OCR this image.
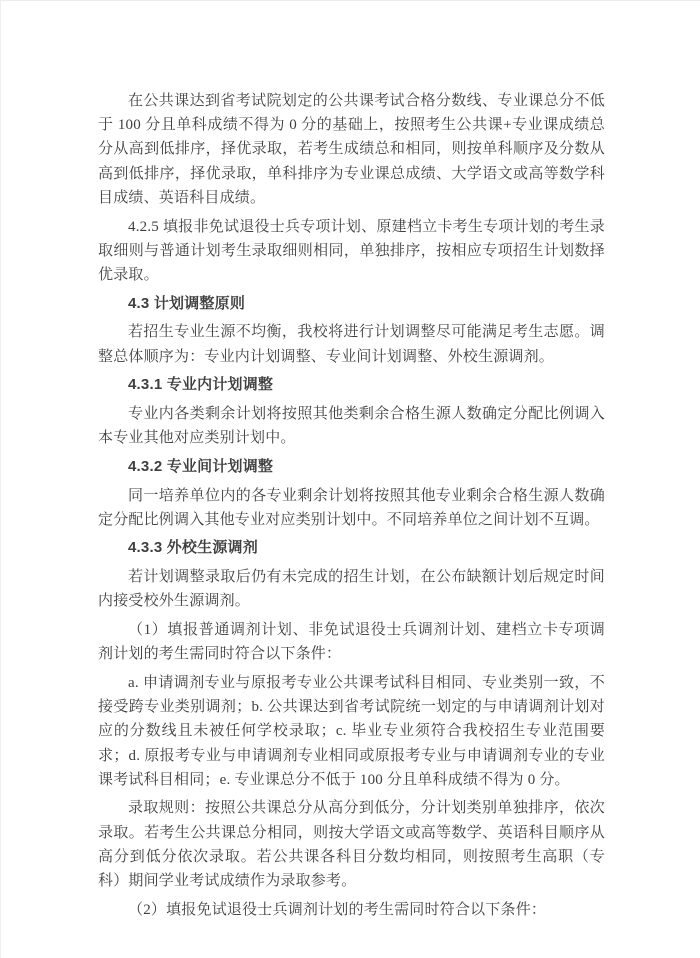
在公共课达到省考试院划定的公共课考试合格分数线、专业课总分不低于 100 分且单科成绩不得为 0 分的基础上，按照考生公共课+专业课成绩总分从高到低排序，择优录取，若考生成绩总和相同，则按单科顺序及分数从高到低排序，择优录取，单科排序为专业课总成绩、大学语文或高等数学科目成绩、英语科目成绩。

4.2.5 填报非免试退役士兵专项计划、原建档立卡考生专项计划的考生录取细则与普通计划考生录取细则相同，单独排序，按相应专项招生计划数择优录取。

4.3 计划调整原则

若招生专业生源不均衡，我校将进行计划调整尽可能满足考生志愿。调整总体顺序为：专业内计划调整、专业间计划调整、外校生源调剂。

4.3.1 专业内计划调整

专业内各类剩余计划将按照其他类剩余合格生源人数确定分配比例调入本专业其他对应类别计划中。

4.3.2 专业间计划调整

同一培养单位内的各专业剩余计划将按照其他专业剩余合格生源人数确定分配比例调入其他专业对应类别计划中。不同培养单位之间计划不互调。

4.3.3 外校生源调剂

若计划调整录取后仍有未完成的招生计划，在公布缺额计划后规定时间内接受校外生源调剂。

（1）填报普通调剂计划、非免试退役士兵调剂计划、建档立卡专项调剂计划的考生需同时符合以下条件：

a. 申请调剂专业与原报考专业公共课考试科目相同、专业类别一致，不接受跨专业类别调剂；b. 公共课达到省考试院统一划定的与申请调剂计划对应的分数线且未被任何学校录取；c. 毕业专业须符合我校招生专业范围要求；d. 原报考专业与申请调剂专业相同或原报考专业与申请调剂专业的专业课考试科目相同；e. 专业课总分不低于 100 分且单科成绩不得为 0 分。

录取规则：按照公共课总分从高分到低分，分计划类别单独排序，依次录取。若考生公共课总分相同，则按大学语文或高等数学、英语科目顺序从高分到低分依次录取。若公共课各科目分数均相同，则按照考生高职（专科）期间学业考试成绩作为录取参考。

（2）填报免试退役士兵调剂计划的考生需同时符合以下条件：
